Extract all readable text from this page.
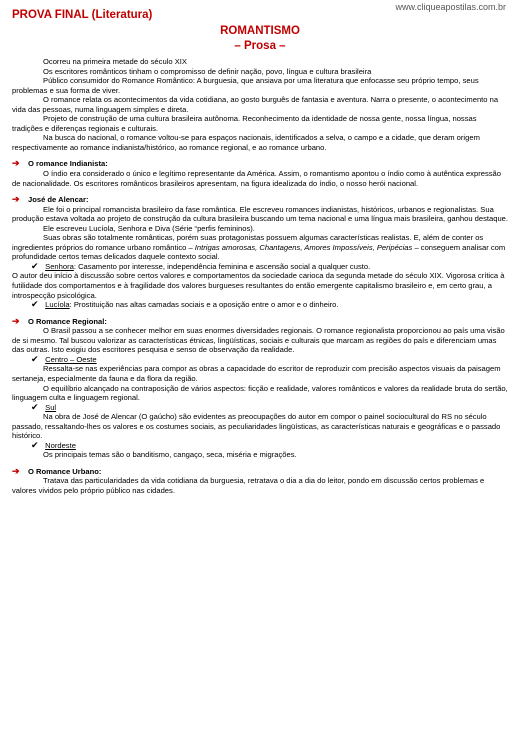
www.cliqueapostilas.com.br
PROVA FINAL (Literatura)
ROMANTISMO
– Prosa –

Ocorreu na primeira metade do século XIX

Os escritores românticos tinham o compromisso de definir nação, povo, língua e cultura brasileira

Público consumidor do Romance Romântico: A burguesia, que ansiava por uma literatura que enfocasse seu próprio tempo, seus problemas e sua forma de viver.

O romance relata os acontecimentos da vida cotidiana, ao gosto burguês de fantasia e aventura. Narra o presente, o acontecimento na vida das pessoas, numa linguagem simples e direta.

Projeto de construção de uma cultura brasileira autônoma. Reconhecimento da identidade de nossa gente, nossa língua, nossas tradições e diferenças regionais e culturais.

Na busca do nacional, o romance voltou-se para espaços nacionais, identificados a selva, o campo e a cidade, que deram origem respectivamente ao romance indianista/histórico, ao romance regional, e ao romance urbano.

➔	O romance Indianista :

O índio era considerado o único e legítimo representante da América. Assim, o romantismo apontou o índio como à autêntica expressão de nacionalidade. Os escritores românticos brasileiros apresentam, na figura idealizada do índio, o nosso herói nacional.

➔	José de Alencar :

Ele foi o principal romancista brasileiro da fase romântica. Ele escreveu romances indianistas, históricos, urbanos e regionalistas. Sua produção estava voltada ao projeto de construção da cultura brasileira buscando um tema nacional e uma língua mais brasileira, ganhou destaque.

Ele escreveu Lucíola, Senhora e Diva (Série “perfis femininos).

Suas obras são totalmente românticas, porém suas protagonistas possuem algumas características realistas. E, além de conter os ingredientes próprios do romance urbano romântico – Intrigas amorosas, Chantagens, Amores Impossíveis, Peripécias – conseguem analisar com profundidade certos temas delicados daquele contexto social.

✔ Senhora: Casamento por interesse, independência feminina e ascensão social a qualquer custo.

O autor deu início à discussão sobre certos valores e comportamentos da sociedade carioca da segunda metade do século XIX. Vigorosa crítica à futilidade dos comportamentos e à fragilidade dos valores burgueses resultantes do então emergente capitalismo brasileiro e, em certo grau, a introspecção psicológica.

✔ Lucíola: Prostituição nas altas camadas sociais e a oposição entre o amor e o dinheiro.

➔	O Romance Regional :

O Brasil passou a se conhecer melhor em suas enormes diversidades regionais. O romance regionalista proporcionou ao país uma visão de si mesmo. Tal buscou valorizar as características étnicas, lingüísticas, sociais e culturais que marcam as regiões do país e diferenciam umas das outras. Isto exigiu dos escritores pesquisa e senso de observação da realidade.

✔ Centro – Oeste

Ressalta-se nas experiências para compor as obras a capacidade do escritor de reproduzir com precisão aspectos visuais da paisagem sertaneja, especialmente da fauna e da flora da região.

O equilíbrio alcançado na contraposição de vários aspectos: ficção e realidade, valores românticos e valores da realidade bruta do sertão, linguagem culta e linguagem regional.

✔ Sul

Na obra de José de Alencar (O gaúcho) são evidentes as preocupações do autor em compor o painel sociocultural do RS no século passado, ressaltando-lhes os valores e os costumes sociais, as peculiaridades lingüísticas, as características naturais e geográficas e o passado histórico.

✔ Nordeste

Os principais temas são o banditismo, cangaço, seca, miséria e migrações.

➔	O Romance Urbano :

Tratava das particularidades da vida cotidiana da burguesia, retratava o dia a dia do leitor, pondo em discussão certos problemas e valores vividos pelo próprio público nas cidades.
